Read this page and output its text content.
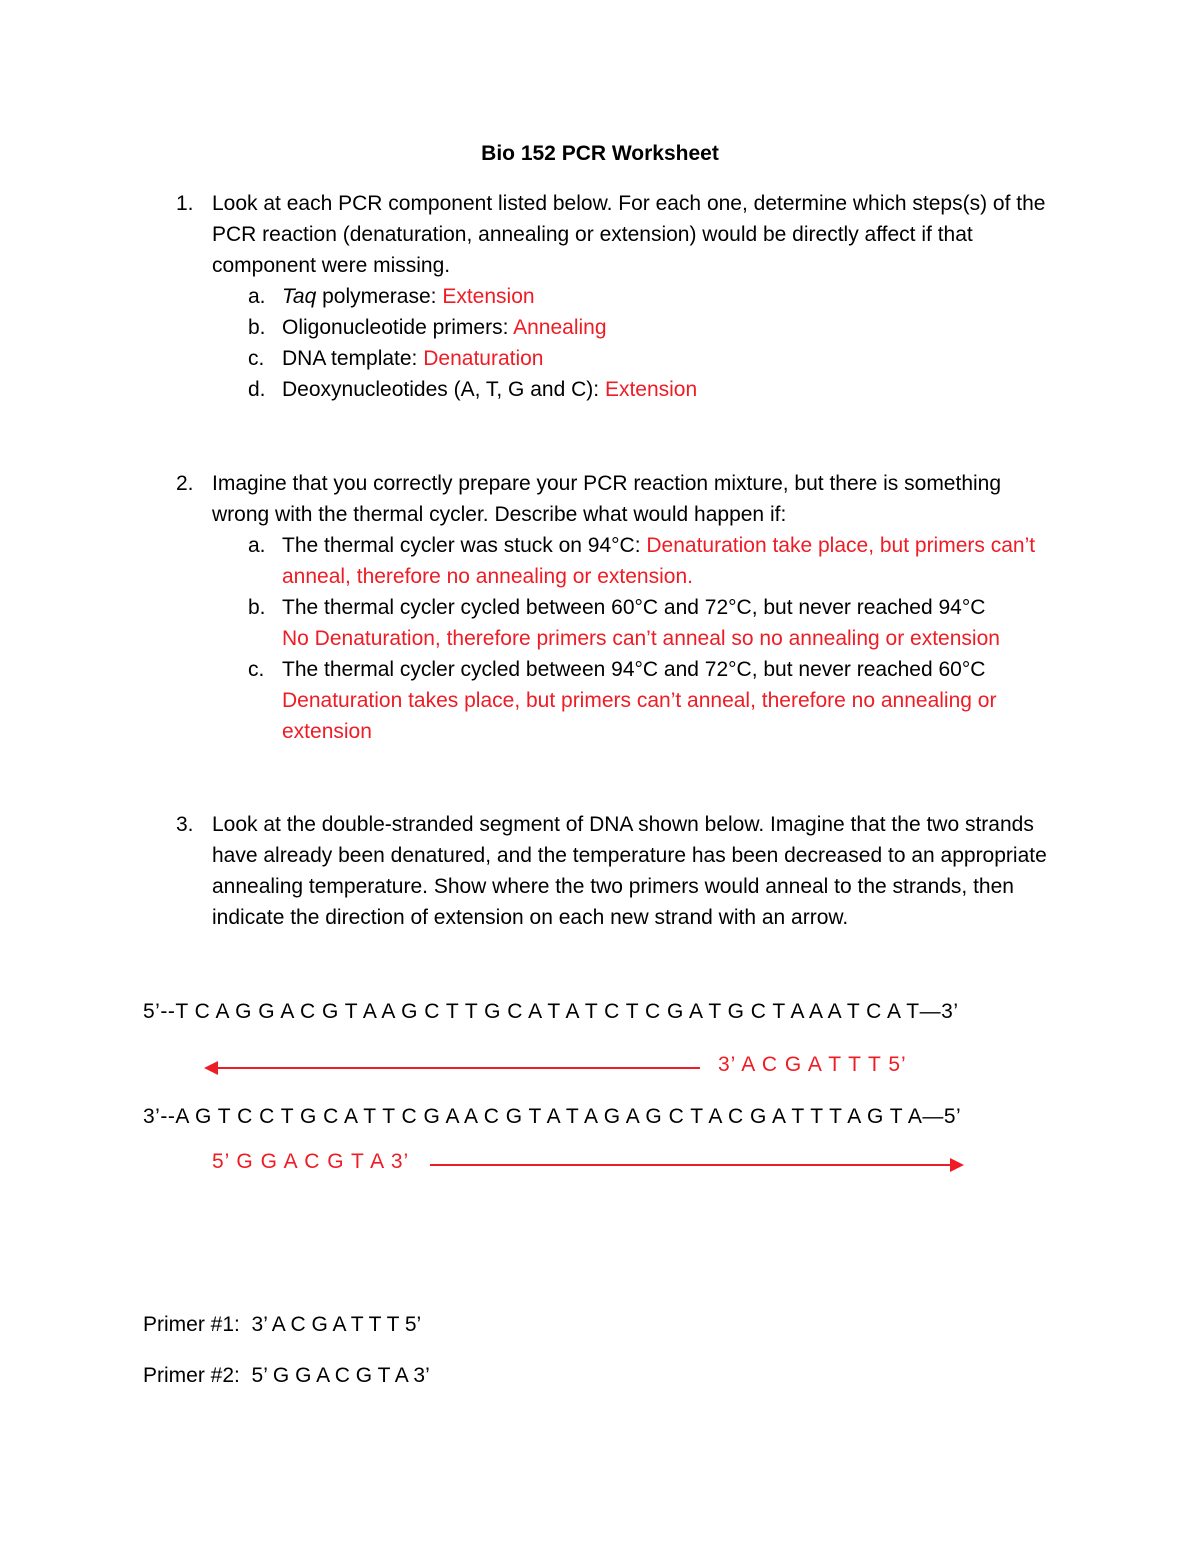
Bio 152 PCR Worksheet
1. Look at each PCR component listed below. For each one, determine which steps(s) of the PCR reaction (denaturation, annealing or extension) would be directly affect if that component were missing.
a. Taq polymerase: Extension
b. Oligonucleotide primers: Annealing
c. DNA template: Denaturation
d. Deoxynucleotides (A, T, G and C): Extension
2. Imagine that you correctly prepare your PCR reaction mixture, but there is something wrong with the thermal cycler. Describe what would happen if:
a. The thermal cycler was stuck on 94°C: Denaturation take place, but primers can’t anneal, therefore no annealing or extension.
b. The thermal cycler cycled between 60°C and 72°C, but never reached 94°C
No Denaturation, therefore primers can’t anneal so no annealing or extension
c. The thermal cycler cycled between 94°C and 72°C, but never reached 60°C
Denaturation takes place, but primers can’t anneal, therefore no annealing or extension
3. Look at the double-stranded segment of DNA shown below. Imagine that the two strands have already been denatured, and the temperature has been decreased to an appropriate annealing temperature. Show where the two primers would anneal to the strands, then indicate the direction of extension on each new strand with an arrow.
5’--T C A G G A C G T A A G C T T G C A T A T C T C G A T G C T A A A T C A T—3’
3’ A C G A T T T 5’
3’--A G T C C T G C A T T C G A A C G T A T A G A G C T A C G A T T T A G T A—5’
5’ G G A C G T A 3’
Primer #1: 3’ A C G A T T T 5’
Primer #2: 5’ G G A C G T A 3’
